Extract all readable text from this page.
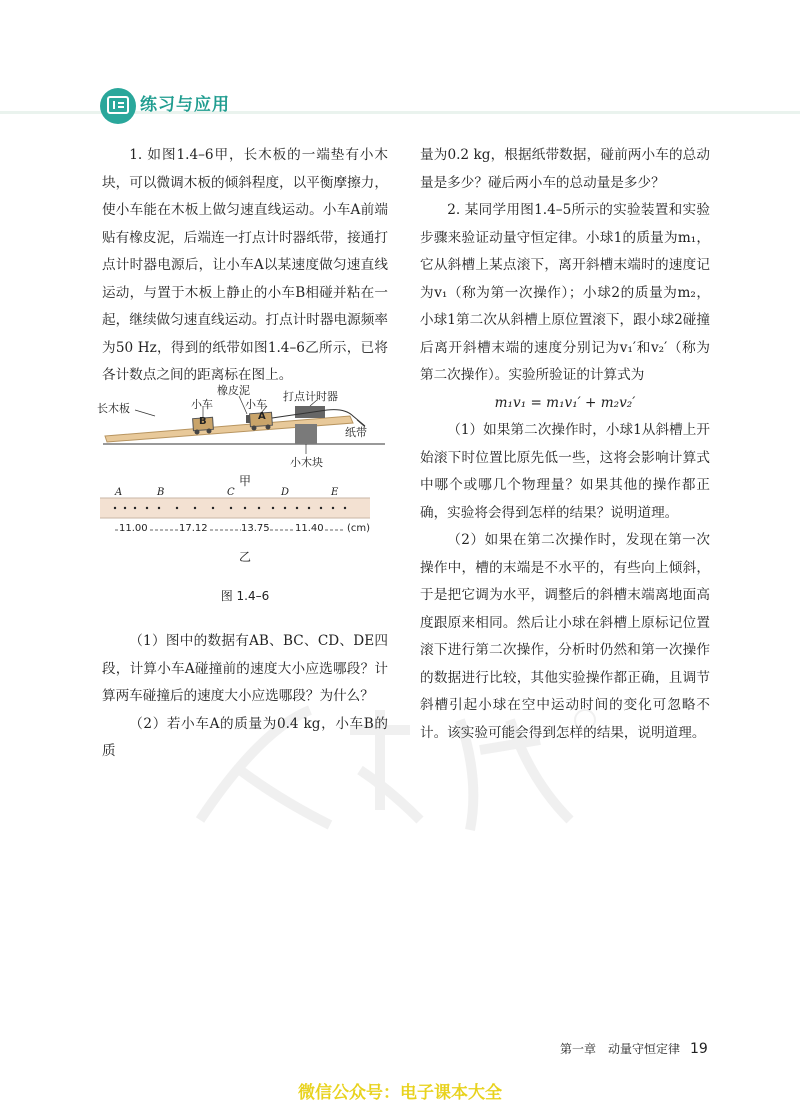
练习与应用

1. 如图1.4–6甲，长木板的一端垫有小木块，可以微调木板的倾斜程度，以平衡摩擦力，使小车能在木板上做匀速直线运动。小车A前端贴有橡皮泥，后端连一打点计时器纸带，接通打点计时器电源后，让小车A以某速度做匀速直线运动，与置于木板上静止的小车B相碰并粘在一起，继续做匀速直线运动。打点计时器电源频率为50 Hz，得到的纸带如图1.4–6乙所示，已将各计数点之间的距离标在图上。

长木板
橡皮泥
小车
B
小车
A
打点计时器
纸带
小木块
甲
A	B	C	D	E
11.00	17.12	13.75	11.40 (cm)
乙
图 1.4–6

（1）图中的数据有AB、BC、CD、DE四段，计算小车A碰撞前的速度大小应选哪段？计算两车碰撞后的速度大小应选哪段？为什么？

（2）若小车A的质量为0.4 kg，小车B的质

量为0.2 kg，根据纸带数据，碰前两小车的总动量是多少？碰后两小车的总动量是多少？

2. 某同学用图1.4–5所示的实验装置和实验步骤来验证动量守恒定律。小球1的质量为m₁，它从斜槽上某点滚下，离开斜槽末端时的速度记为v₁（称为第一次操作）；小球2的质量为m₂，小球1第二次从斜槽上原位置滚下，跟小球2碰撞后离开斜槽末端的速度分别记为v₁′和v₂′（称为第二次操作）。实验所验证的计算式为

m₁v₁ = m₁v₁′ + m₂v₂′

（1）如果第二次操作时，小球1从斜槽上开始滚下时位置比原先低一些，这将会影响计算式中哪个或哪几个物理量？如果其他的操作都正确，实验将会得到怎样的结果？说明道理。

（2）如果在第二次操作时，发现在第一次操作中，槽的末端是不水平的，有些向上倾斜，于是把它调为水平，调整后的斜槽末端离地面高度跟原来相同。然后让小球在斜槽上原标记位置滚下进行第二次操作，分析时仍然和第一次操作的数据进行比较，其他实验操作都正确，且调节斜槽引起小球在空中运动时间的变化可忽略不计。该实验可能会得到怎样的结果，说明道理。

第一章　动量守恒定律 19
微信公众号：电子课本大全
